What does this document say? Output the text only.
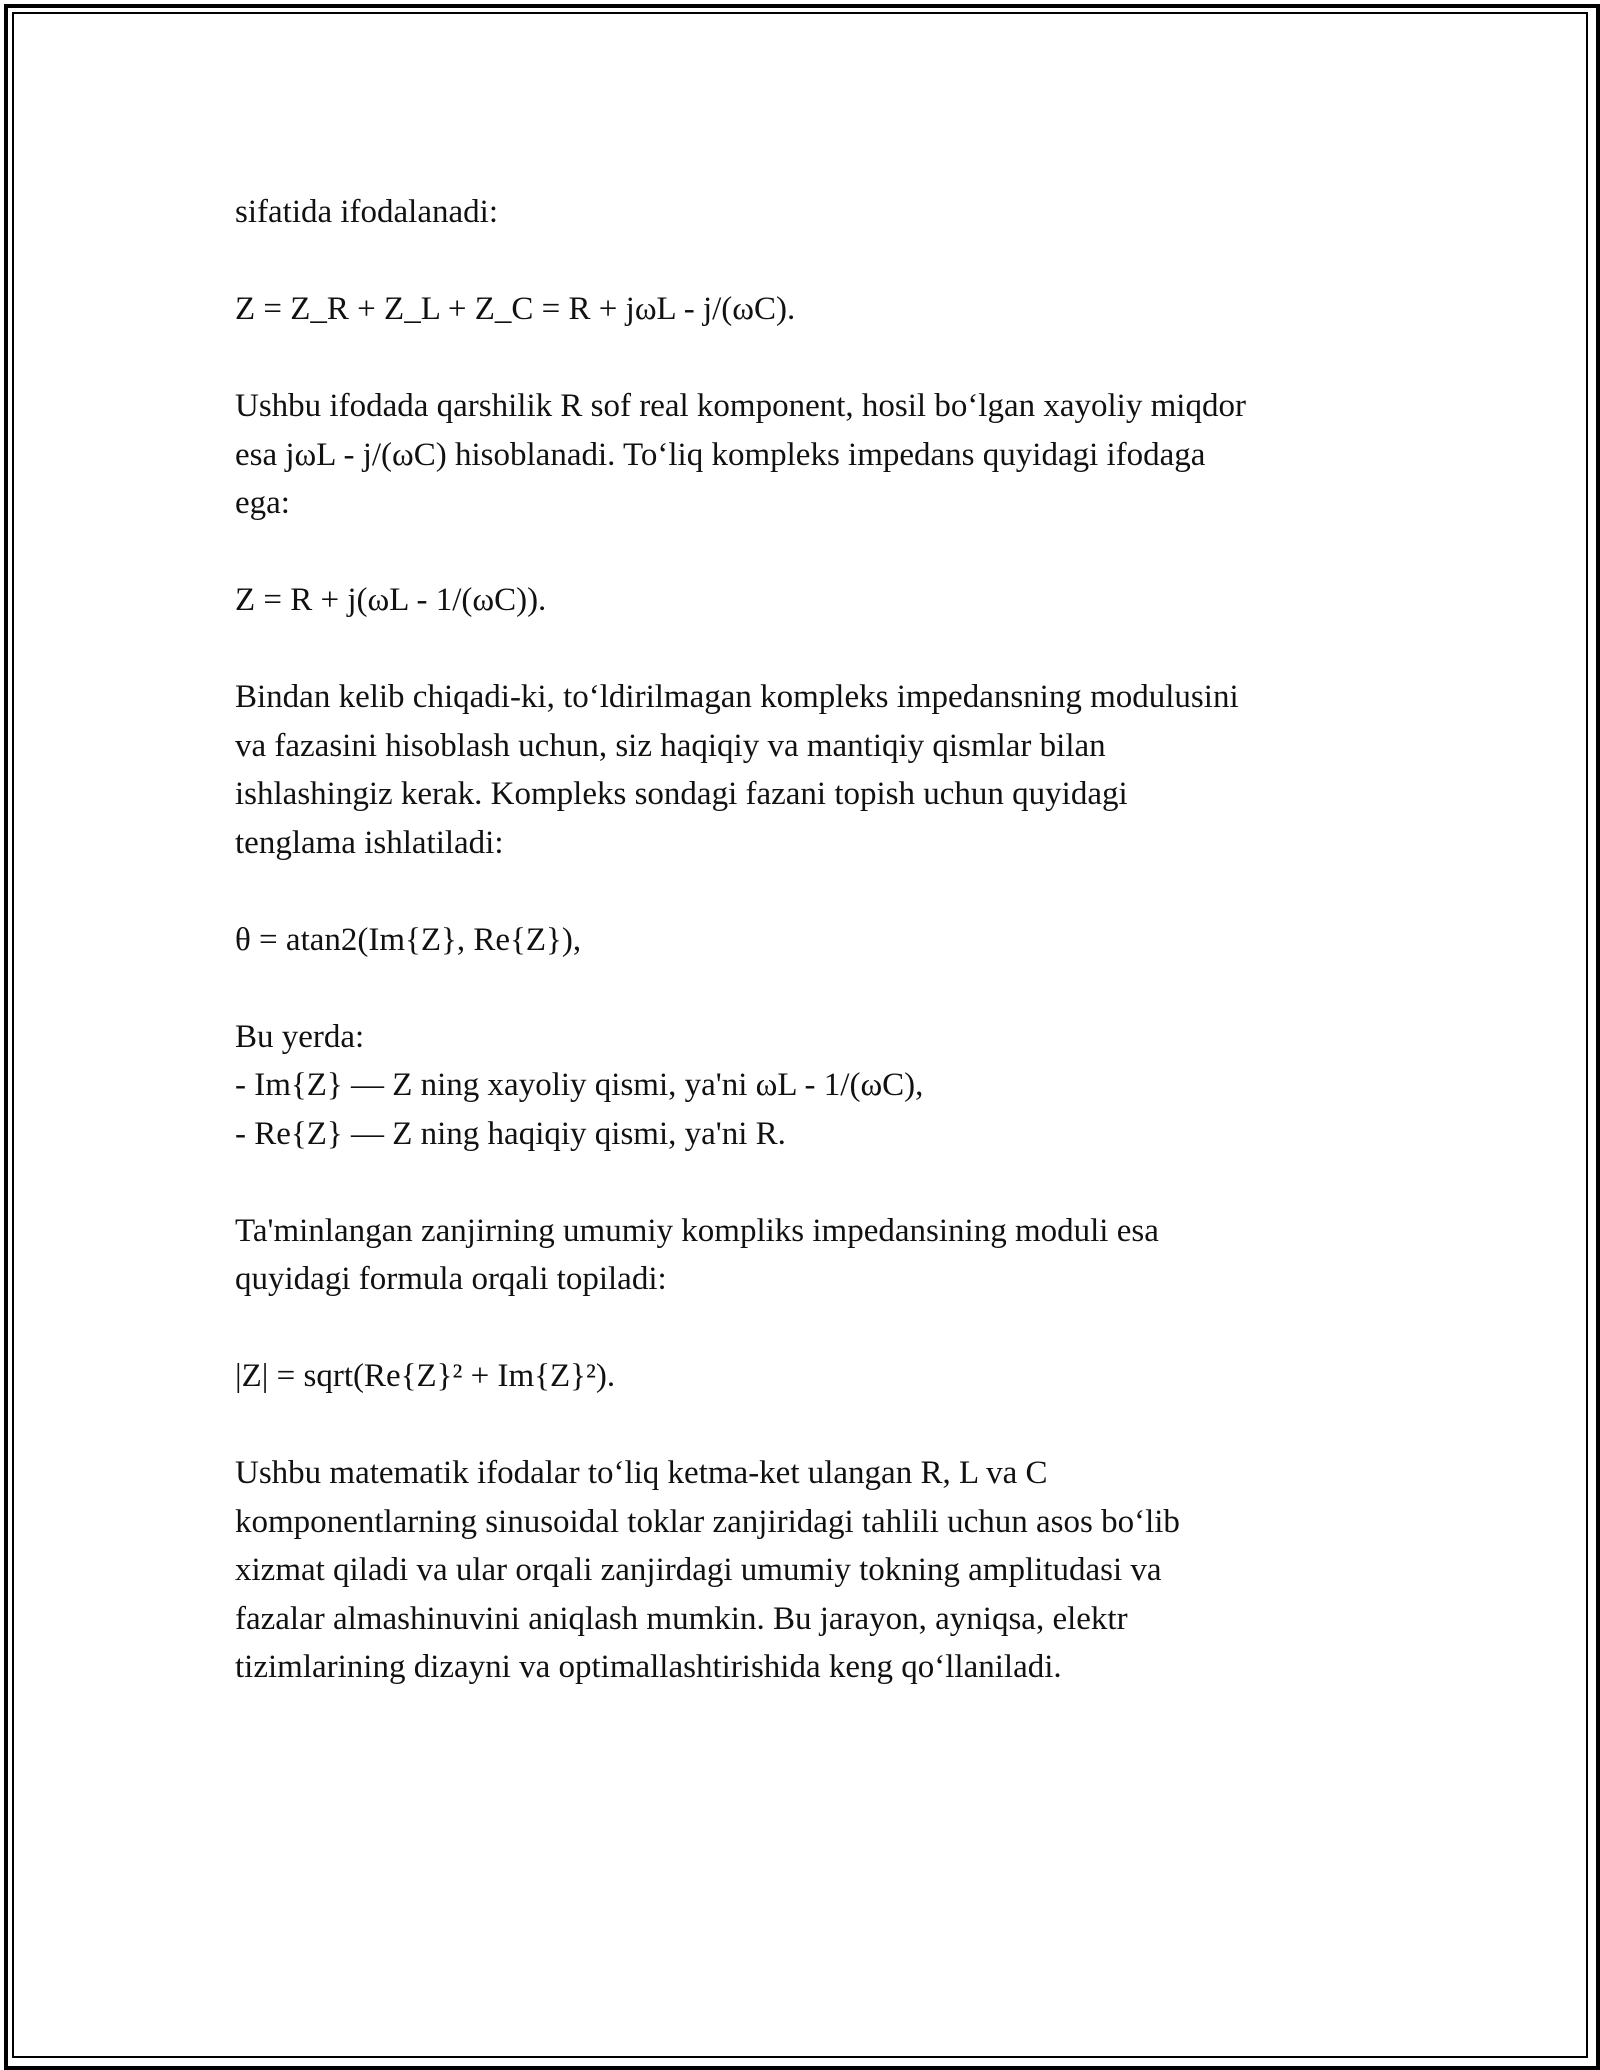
sifatida ifodalanadi:
Z = Z_R + Z_L + Z_C = R + jωL - j/(ωC).
Ushbu ifodada qarshilik R sof real komponent, hosil bo‘lgan xayoliy miqdor
esa jωL - j/(ωC) hisoblanadi. To‘liq kompleks impedans quyidagi ifodaga
ega:
Z = R + j(ωL - 1/(ωC)).
Bindan kelib chiqadi-ki, to‘ldirilmagan kompleks impedansning modulusini
va fazasini hisoblash uchun, siz haqiqiy va mantiqiy qismlar bilan
ishlashingiz kerak. Kompleks sondagi fazani topish uchun quyidagi
tenglama ishlatiladi:
θ = atan2(Im{Z}, Re{Z}),
Bu yerda:
- Im{Z} — Z ning xayoliy qismi, ya'ni ωL - 1/(ωC),
- Re{Z} — Z ning haqiqiy qismi, ya'ni R.
Ta'minlangan zanjirning umumiy kompliks impedansining moduli esa
quyidagi formula orqali topiladi:
|Z| = sqrt(Re{Z}² + Im{Z}²).
Ushbu matematik ifodalar to‘liq ketma-ket ulangan R, L va C
komponentlarning sinusoidal toklar zanjiridagi tahlili uchun asos bo‘lib
xizmat qiladi va ular orqali zanjirdagi umumiy tokning amplitudasi va
fazalar almashinuvini aniqlash mumkin. Bu jarayon, ayniqsa, elektr
tizimlarining dizayni va optimallashtirishida keng qo‘llaniladi.
